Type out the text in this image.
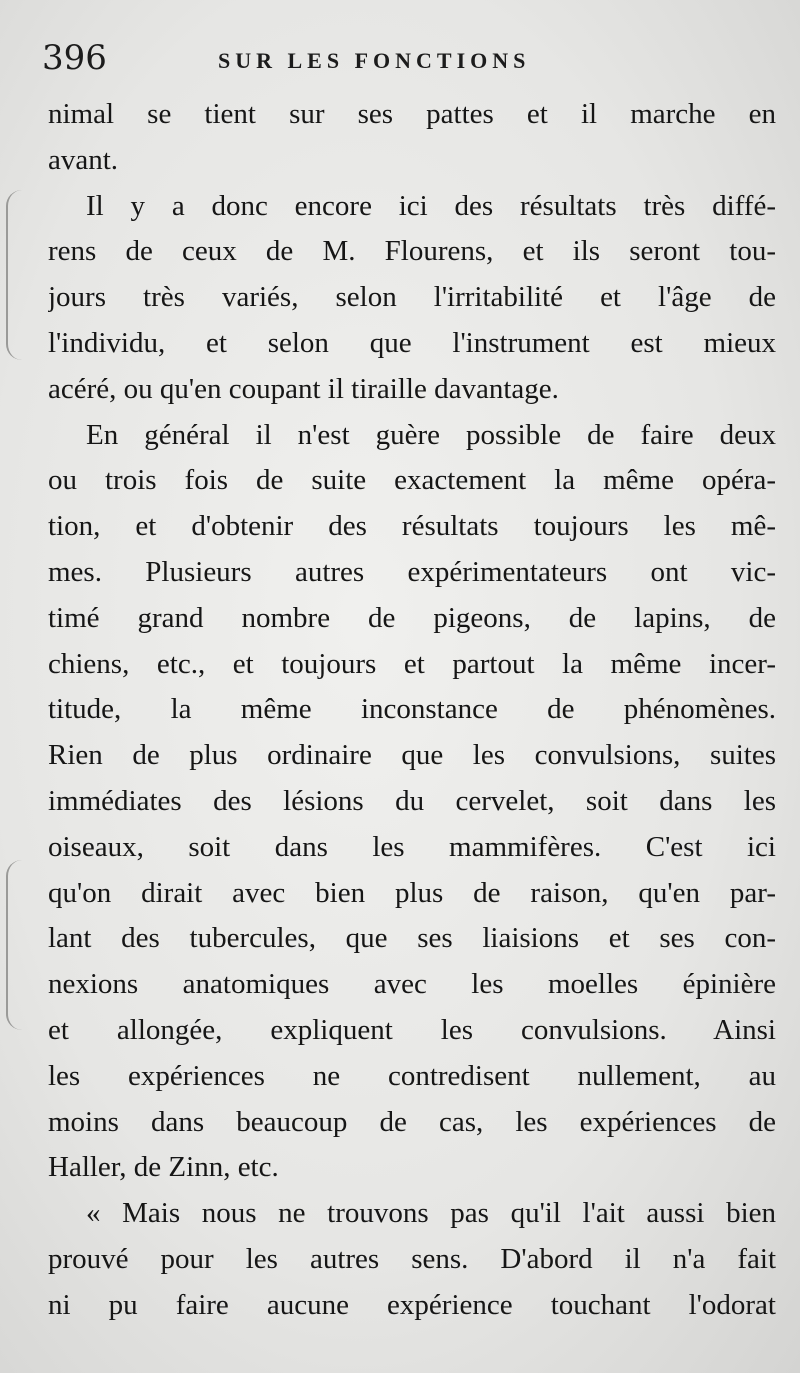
396	SUR LES FONCTIONS
nimal se tient sur ses pattes et il marche en
avant.
Il y a donc encore ici des résultats très diffé-
rens de ceux de M. Flourens, et ils seront tou-
jours très variés, selon l'irritabilité et l'âge de
l'individu, et selon que l'instrument est mieux
acéré, ou qu'en coupant il tiraille davantage.
En général il n'est guère possible de faire deux
ou trois fois de suite exactement la même opéra-
tion, et d'obtenir des résultats toujours les mê-
mes. Plusieurs autres expérimentateurs ont vic-
timé grand nombre de pigeons, de lapins, de
chiens, etc., et toujours et partout la même incer-
titude, la même inconstance de phénomènes.
Rien de plus ordinaire que les convulsions, suites
immédiates des lésions du cervelet, soit dans les
oiseaux, soit dans les mammifères. C'est ici
qu'on dirait avec bien plus de raison, qu'en par-
lant des tubercules, que ses liaisions et ses con-
nexions anatomiques avec les moelles épinière
et allongée, expliquent les convulsions. Ainsi
les expériences ne contredisent nullement, au
moins dans beaucoup de cas, les expériences de
Haller, de Zinn, etc.
« Mais nous ne trouvons pas qu'il l'ait aussi bien
prouvé pour les autres sens. D'abord il n'a fait
ni pu faire aucune expérience touchant l'odorat
